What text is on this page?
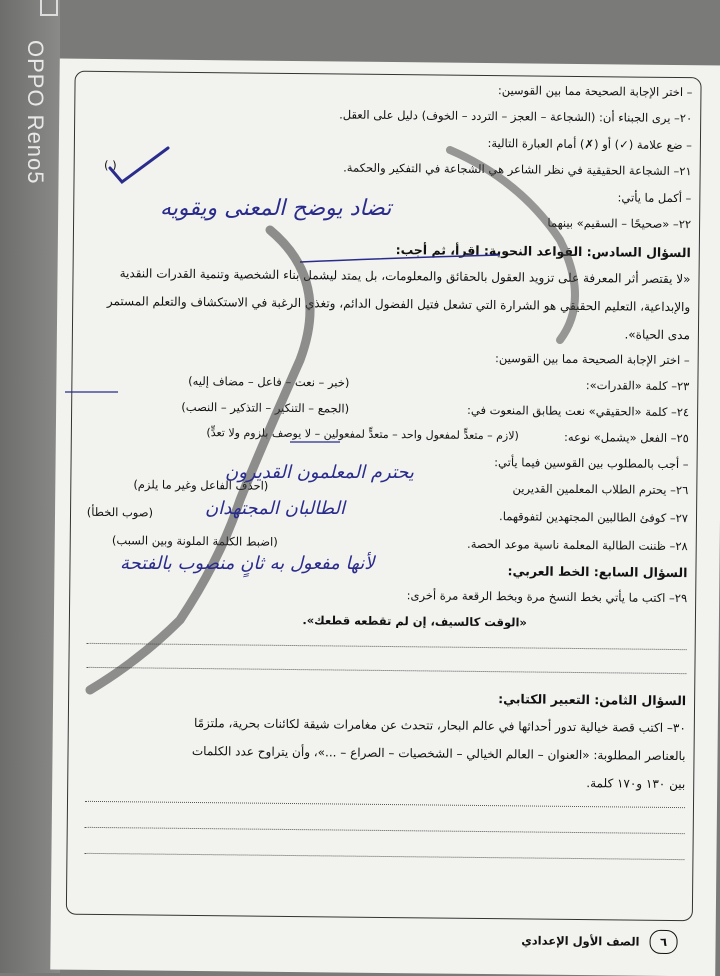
OPPO Reno5	– اختر الإجابة الصحيحة مما بين القوسين:
٢٠– يرى الجبناء أن: (الشجاعة – العجز – التردد – الخوف) دليل على العقل.
– ضع علامة (✓) أو (✗) أمام العبارة التالية:
٢١– الشجاعة الحقيقية في نظر الشاعر هي الشجاعة في التفكير والحكمة.
( )
– أكمل ما يأتي:
٢٢– «صحيحًا – السقيم» بينهما
السؤال السادس: القواعد النحوية: اقرأ، ثم أجب:
«لا يقتصر أثر المعرفة على تزويد العقول بالحقائق والمعلومات، بل يمتد ليشمل بناء الشخصية وتنمية القدرات النقدية والإبداعية، التعليم الحقيقي هو الشرارة التي تشعل فتيل الفضول الدائم، وتغذي الرغبة في الاستكشاف والتعلم المستمر مدى الحياة».
– اختر الإجابة الصحيحة مما بين القوسين:
٢٣– كلمة «القدرات»:
(خبر – نعت – فاعل – مضاف إليه)
٢٤– كلمة «الحقيقي» نعت يطابق المنعوت في:
(الجمع – التنكير – التذكير – النصب)
٢٥– الفعل «يشمل» نوعه:
(لازم – متعدٍّ لمفعول واحد – متعدٍّ لمفعولين – لا يوصف بلزوم ولا تعدٍّ)
– أجب بالمطلوب بين القوسين فيما يأتي:
٢٦– يحترم الطلاب المعلمين القديرين
(احذف الفاعل وغير ما يلزم)
٢٧– كوفئ الطالبين المجتهدين لتفوقهما.
(صوب الخطأ)
٢٨– ظننت الطالبة المعلمة ناسية موعد الحصة.
(اضبط الكلمة الملونة وبين السبب)
السؤال السابع: الخط العربي:
٢٩– اكتب ما يأتي بخط النسخ مرة وبخط الرقعة مرة أخرى:
«الوقت كالسيف، إن لم تقطعه قطعك».
السؤال الثامن: التعبير الكتابي:
٣٠– اكتب قصة خيالية تدور أحداثها في عالم البحار، تتحدث عن مغامرات شيقة لكائنات بحرية، ملتزمًا
بالعناصر المطلوبة: «العنوان – العالم الخيالي – الشخصيات – الصراع – ...»، وأن يتراوح عدد الكلمات
بين ١٣٠ و١٧٠ كلمة.
٦ الصف الأول الإعدادي
تضاد يوضح المعنى ويقويه
يحترم المعلمون القديرون
الطالبان المجتهدان
لأنها مفعول به ثانٍ منصوب بالفتحة
